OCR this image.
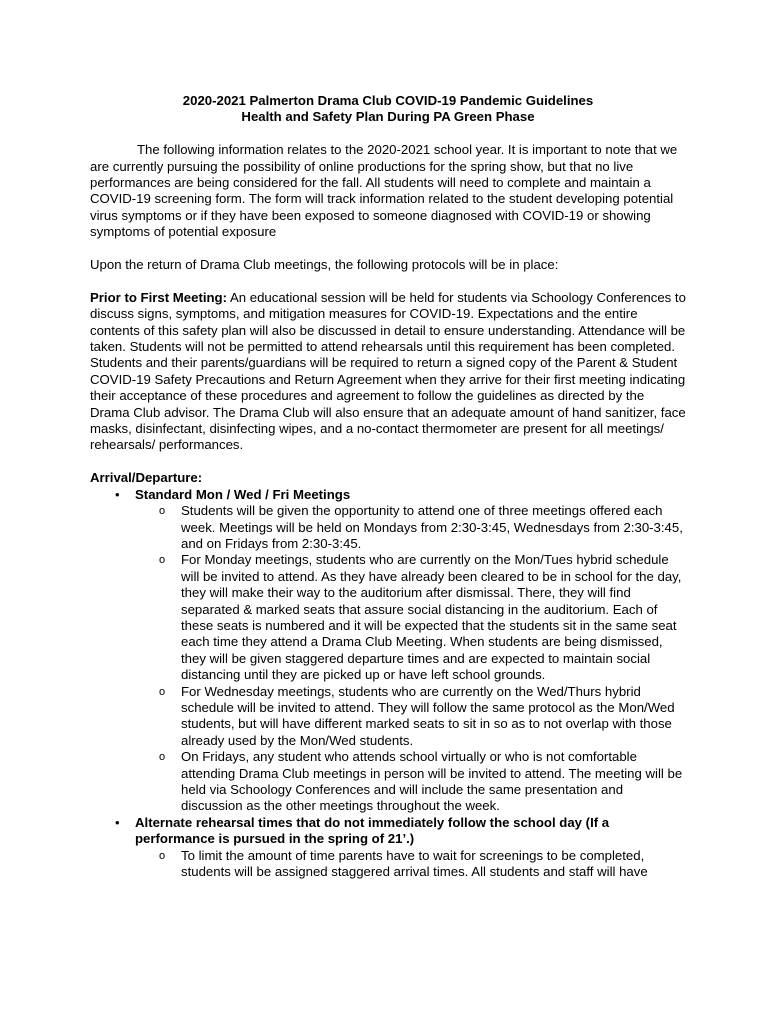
2020-2021 Palmerton Drama Club COVID-19 Pandemic Guidelines

Health and Safety Plan During PA Green Phase

The following information relates to the 2020-2021 school year. It is important to note that we are currently pursuing the possibility of online productions for the spring show, but that no live performances are being considered for the fall. All students will need to complete and maintain a COVID-19 screening form. The form will track information related to the student developing potential virus symptoms or if they have been exposed to someone diagnosed with COVID-19 or showing symptoms of potential exposure

Upon the return of Drama Club meetings, the following protocols will be in place:

Prior to First Meeting: An educational session will be held for students via Schoology Conferences to discuss signs, symptoms, and mitigation measures for COVID-19. Expectations and the entire contents of this safety plan will also be discussed in detail to ensure understanding. Attendance will be taken. Students will not be permitted to attend rehearsals until this requirement has been completed. Students and their parents/guardians will be required to return a signed copy of the Parent & Student COVID-19 Safety Precautions and Return Agreement when they arrive for their first meeting indicating their acceptance of these procedures and agreement to follow the guidelines as directed by the Drama Club advisor. The Drama Club will also ensure that an adequate amount of hand sanitizer, face masks, disinfectant, disinfecting wipes, and a no-contact thermometer are present for all meetings/ rehearsals/ performances.

Arrival/Departure:

• Standard Mon / Wed / Fri Meetings
o Students will be given the opportunity to attend one of three meetings offered each week. Meetings will be held on Mondays from 2:30-3:45, Wednesdays from 2:30-3:45, and on Fridays from 2:30-3:45.
o For Monday meetings, students who are currently on the Mon/Tues hybrid schedule will be invited to attend. As they have already been cleared to be in school for the day, they will make their way to the auditorium after dismissal. There, they will find separated & marked seats that assure social distancing in the auditorium. Each of these seats is numbered and it will be expected that the students sit in the same seat each time they attend a Drama Club Meeting. When students are being dismissed, they will be given staggered departure times and are expected to maintain social distancing until they are picked up or have left school grounds.
o For Wednesday meetings, students who are currently on the Wed/Thurs hybrid schedule will be invited to attend. They will follow the same protocol as the Mon/Wed students, but will have different marked seats to sit in so as to not overlap with those already used by the Mon/Wed students.
o On Fridays, any student who attends school virtually or who is not comfortable attending Drama Club meetings in person will be invited to attend. The meeting will be held via Schoology Conferences and will include the same presentation and discussion as the other meetings throughout the week.
• Alternate rehearsal times that do not immediately follow the school day (If a performance is pursued in the spring of 21’.)
o To limit the amount of time parents have to wait for screenings to be completed, students will be assigned staggered arrival times. All students and staff will have
